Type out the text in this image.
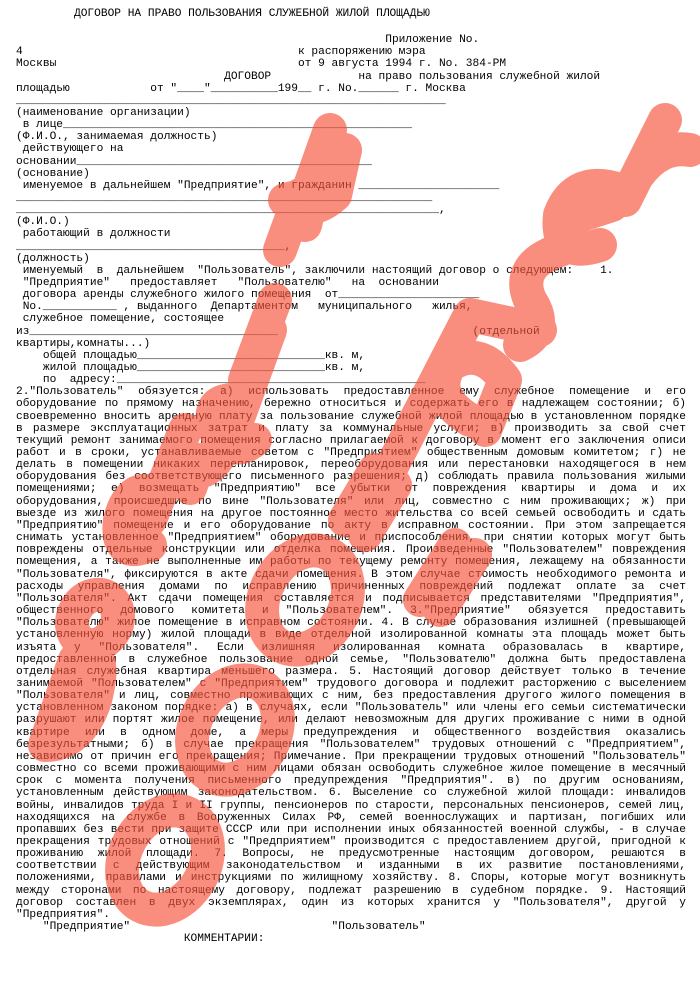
ДОГОВОР НА ПРАВО ПОЛЬЗОВАНИЯ СЛУЖЕБНОЙ ЖИЛОЙ ПЛОЩАДЬЮ
Приложение No.
4                                         к распоряжению мэра
Москвы                                    от 9 августа 1994 г. No. 384-РМ
ДОГОВОР             на право пользования служебной жилой
площадью            от "____"__________199__ г. No.______ г. Москва
________________________________________________________________
(наименование организации)
в лице____________________________________________________
(Ф.И.О., занимаемая должность)
действующего на
основании____________________________________________
(основание)
именуемое в дальнейшем "Предприятие", и гражданин _____________________
______________________________________________________________
_______________________________________________________________,
(Ф.И.О.)
работающий в должности
________________________________________,
(должность)
именуемый  в  дальнейшем  "Пользователь", заключили настоящий договор о следующем:    1.
"Предприятие"   предоставляет   "Пользователю"   на  основании
договора аренды служебного жилого помещения  от_____________________
No.___________ , выданного  Департаментом   муниципального   жилья,
служебное помещение, состоящее
из_____________________________________                             (отдельной
квартиры,комнаты...)
общей площадью____________________________кв. м,
жилой площадью____________________________кв. м,
по  адресу:______________________________________________
2."Пользователь" обязуется: а) использовать предоставленное ему служебное помещение и его оборудование по прямому назначению, бережно относиться и содержать его в надлежащем состоянии; б) своевременно вносить арендную плату за пользование служебной жилой площадью в установленном порядке в размере эксплуатационных затрат и плату за коммунальные услуги; в) производить за свой счет текущий ремонт занимаемого помещения согласно прилагаемой к договору в момент его заключения описи работ и в сроки, устанавливаемые советом с "Предприятием" общественным домовым комитетом; г) не делать в помещении никаких перепланировок, переоборудования или перестановки находящегося в нем оборудования без соответствующего письменного разрешения; д) соблюдать правила пользования жилыми помещениями; е) возмещать "Предприятию" все убытки от повреждения квартиры и дома и их оборудования, происшедшие по вине "Пользователя" или лиц, совместно с ним проживающих; ж) при выезде из жилого помещения на другое постоянное место жительства со всей семьей освободить и сдать "Предприятию" помещение и его оборудование по акту в исправном состоянии. При этом запрещается снимать установленное "Предприятием" оборудование и приспособления, при снятии которых могут быть повреждены отдельные конструкции или отделка помещения. Произведенные "Пользователем" повреждения помещения, а также не выполненные им работы по текущему ремонту помещения, лежащему на обязанности "Пользователя", фиксируются в акте сдачи помещения. В этом случае стоимость необходимого ремонта и расходы управления домами по исправлению причиненных повреждений подлежат оплате за счет "Пользователя". Акт сдачи помещения составляется и подписывается представителями "Предприятия", общественного домового комитета и "Пользователем". 3."Предприятие" обязуется предоставить "Пользователю" жилое помещение в исправном состоянии. 4. В случае образования излишней (превышающей установленную норму) жилой площади в виде отдельной изолированной комнаты эта площадь может быть изъята у "Пользователя". Если излишняя изолированная комната образовалась в квартире, предоставленной в служебное пользование одной семье, "Пользователю" должна быть предоставлена отдельная служебная квартира меньшего размера. 5. Настоящий договор действует только в течение занимаемой "Пользователем" с "Предприятием" трудового договора и подлежит расторжению с выселением "Пользователя" и лиц, совместно проживающих с ним, без предоставления другого жилого помещения в установленном законом порядке: а) в случаях, если "Пользователь" или члены его семьи систематически разрушают или портят жилое помещение, или делают невозможным для других проживание с ними в одной квартире или в одном доме, а меры предупреждения и общественного воздействия оказались безрезультатными; б) в случае прекращения "Пользователем" трудовых отношений с "Предприятием", независимо от причин его прекращения; Примечание. При прекращении трудовых отношений "Пользователь" совместно со всеми проживающими с ним лицами обязан освободить служебное жилое помещение в месячный срок с момента получения письменного предупреждения "Предприятия". в) по другим основаниям, установленным действующим законодательством. 6. Выселение со служебной жилой площади: инвалидов войны, инвалидов труда I и II группы, пенсионеров по старости, персональных пенсионеров, семей лиц, находящихся на службе в Вооруженных Силах РФ, семей военнослужащих и партизан, погибших или пропавших без вести при защите СССР или при исполнении иных обязанностей военной службы, - в случае прекращения трудовых отношений с "Предприятием" производится с предоставлением другой, пригодной к проживанию жилой площади. 7. Вопросы, не предусмотренные настоящим договором, решаются в соответствии с действующим законодательством и изданными в их развитие постановлениями, положениями, правилами и инструкциями по жилищному хозяйству. 8. Споры, которые могут возникнуть между сторонами по настоящему договору, подлежат разрешению в судебном порядке. 9. Настоящий договор составлен в двух экземплярах, один из которых хранится у "Пользователя", другой у "Предприятия".
"Предприятие"                              "Пользователь"
КОММЕНТАРИИ:
